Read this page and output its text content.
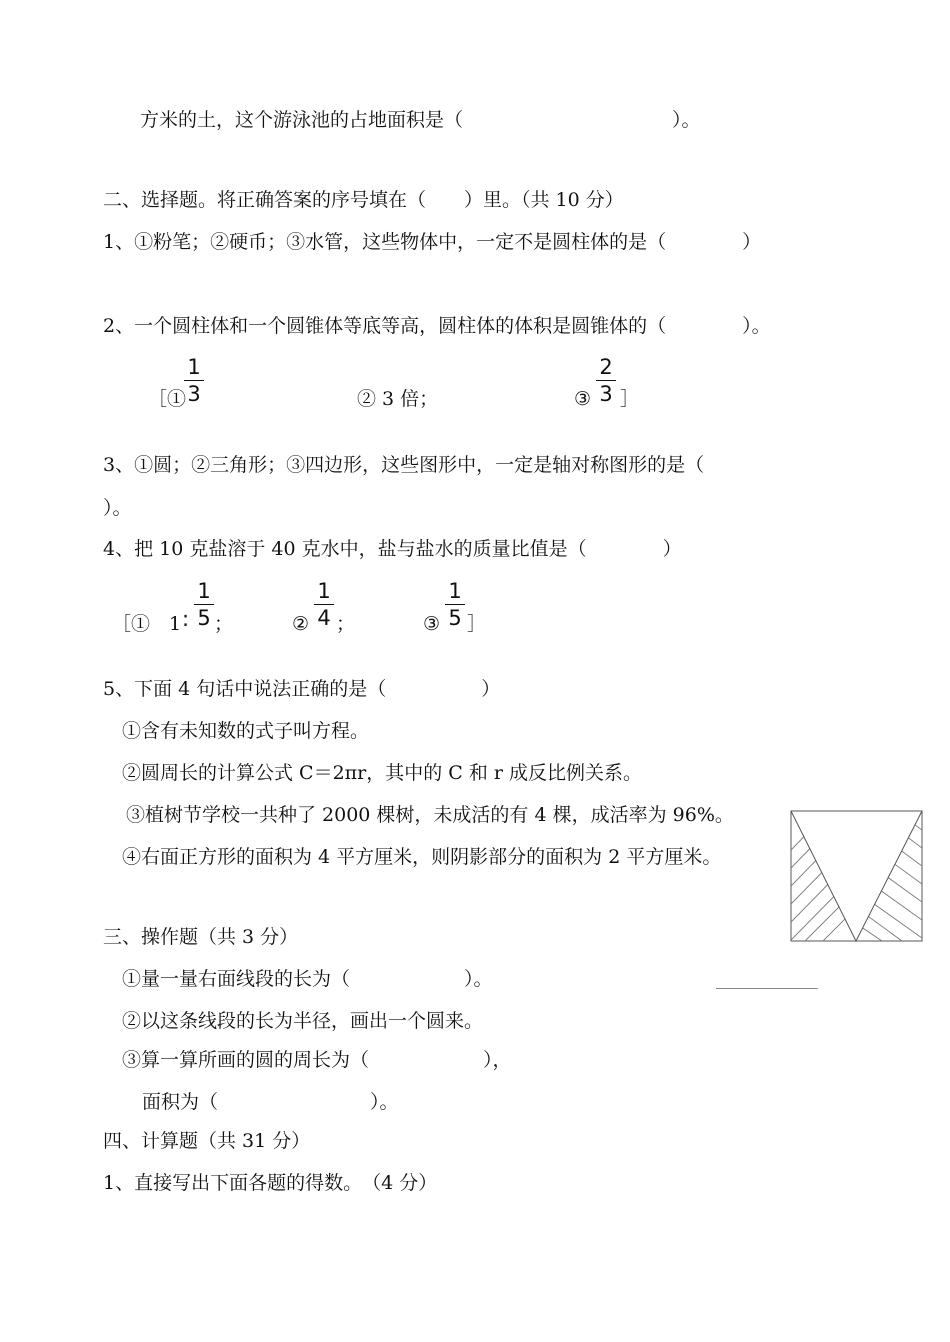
方米的土，这个游泳池的占地面积是（　　　　　　　　　　　）。
二、选择题。将正确答案的序号填在（　　）里。（共 10 分）
1、①粉笔；②硬币；③水管，这些物体中，一定不是圆柱体的是（　　　　）
2、一个圆柱体和一个圆锥体等底等高，圆柱体的体积是圆锥体的（　　　　）。
［①
1
3	② 3 倍；	③
2
3 ］
3、①圆；②三角形；③四边形，这些图形中，一定是轴对称图形的是（
）。
4、把 10 克盐溶于 40 克水中，盐与盐水的质量比值是（　　　　）
［①　1 :
1
5 ；	②
1
4 ；	③
1
5 ］
5、下面 4 句话中说法正确的是（　　　　　）
①含有未知数的式子叫方程。
②圆周长的计算公式 C＝2πr，其中的 C 和 r 成反比例关系。
③植树节学校一共种了 2000 棵树，未成活的有 4 棵，成活率为 96%。
④右面正方形的面积为 4 平方厘米，则阴影部分的面积为 2 平方厘米。
三、操作题（共 3 分）
①量一量右面线段的长为（　　　　　　）。
②以这条线段的长为半径，画出一个圆来。
③算一算所画的圆的周长为（　　　　　　），
面积为（　　　　　　　　）。
四、计算题（共 31 分）
1、直接写出下面各题的得数。　（4 分）
